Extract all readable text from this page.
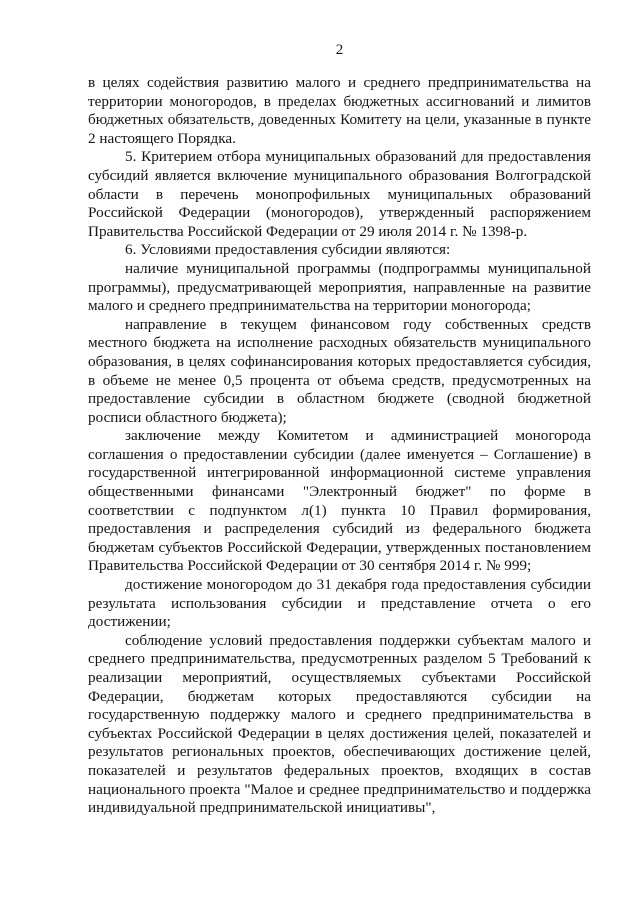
2

в целях содействия развитию малого и среднего предпринимательства на территории моногородов, в пределах бюджетных ассигнований и лимитов бюджетных обязательств, доведенных Комитету на цели, указанные в пункте 2 настоящего Порядка.

5. Критерием отбора муниципальных образований для предоставления субсидий является включение муниципального образования Волгоградской области в перечень монопрофильных муниципальных образований Российской Федерации (моногородов), утвержденный распоряжением Правительства Российской Федерации от 29 июля 2014 г. № 1398-р.

6. Условиями предоставления субсидии являются:

наличие муниципальной программы (подпрограммы муниципальной программы), предусматривающей мероприятия, направленные на развитие малого и среднего предпринимательства на территории моногорода;

направление в текущем финансовом году собственных средств местного бюджета на исполнение расходных обязательств муниципального образования, в целях софинансирования которых предоставляется субсидия, в объеме не менее 0,5 процента от объема средств, предусмотренных на предоставление субсидии в областном бюджете (сводной бюджетной росписи областного бюджета);

заключение между Комитетом и администрацией моногорода соглашения о предоставлении субсидии (далее именуется – Соглашение) в государственной интегрированной информационной системе управления общественными финансами "Электронный бюджет" по форме в соответствии с подпунктом л(1) пункта 10 Правил формирования, предоставления и распределения субсидий из федерального бюджета бюджетам субъектов Российской Федерации, утвержденных постановлением Правительства Российской Федерации от 30 сентября 2014 г. № 999;

достижение моногородом до 31 декабря года предоставления субсидии результата использования субсидии и представление отчета о его достижении;

соблюдение условий предоставления поддержки субъектам малого и среднего предпринимательства, предусмотренных разделом 5 Требований к реализации мероприятий, осуществляемых субъектами Российской Федерации, бюджетам которых предоставляются субсидии на государственную поддержку малого и среднего предпринимательства в субъектах Российской Федерации в целях достижения целей, показателей и результатов региональных проектов, обеспечивающих достижение целей, показателей и результатов федеральных проектов, входящих в состав национального проекта "Малое и среднее предпринимательство и поддержка индивидуальной предпринимательской инициативы",
